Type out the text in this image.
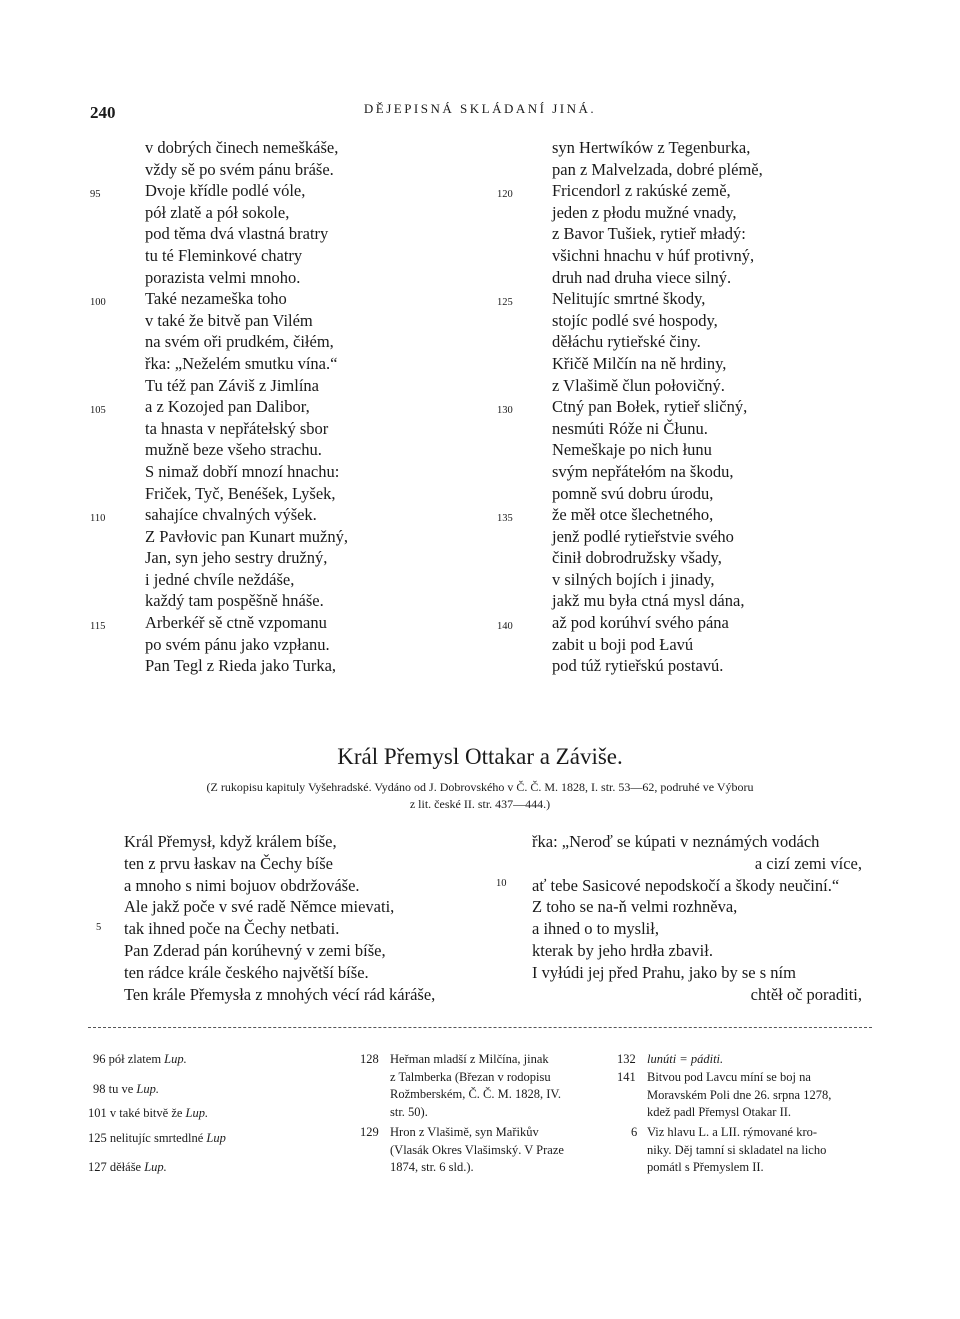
240	DĚJEPISNÁ SKLÁDANÍ JINÁ.
v dobrých činech nemeškáše,
vždy sě po svém pánu bráše.
Dvoje křídle podlé vóle,
pół zlatě a pół sokole,
pod těma dvá vlastná bratry
tu té Fleminkové chatry
porazista velmi mnoho.
Také nezameška toho
v také že bitvě pan Vilém
na svém oři prudkém, čiłém,
řka: „Neželém smutku vína.“
Tu též pan Záviš z Jimlína
a z Kozojed pan Dalibor,
ta hnasta v nepřátełský sbor
mužně beze všeho strachu.
S nimaž dobří mnozí hnachu:
Friček, Tyč, Benéšek, Lyšek,
sahajíce chvalných výšek.
Z Pavłovic pan Kunart mužný,
Jan, syn jeho sestry družný,
i jedné chvíle neždáše,
každý tam pospěšně hnáše.
Arberkéř sě ctně vzpomanu
po svém pánu jako vzpłanu.
Pan Tegl z Rieda jako Turka,
95
100
105
110
115
syn Hertwíków z Tegenburka,
pan z Malvelzada, dobré plémě,
Fricendorl z rakúské země,
jeden z płodu mužné vnady,
z Bavor Tušiek, rytieř mładý:
všichni hnachu v húf protivný,
druh nad druha viece silný.
Nelitujíc smrtné škody,
stojíc podlé své hospody,
děłáchu rytieřské činy.
Křičě Milčín na ně hrdiny,
z Vlašimě člun połovičný.
Ctný pan Bołek, rytieř sličný,
nesmúti Róže ni Čłunu.
Nemeškaje po nich łunu
svým nepřátełóm na škodu,
pomně svú dobru úrodu,
že měł otce šlechetného,
jenž podlé rytieřstvie svého
činił dobrodružsky všady,
v silných bojích i jinady,
jakž mu była ctná mysl dána,
až pod korúhví svého pána
zabit u boji pod Łavú
pod túž rytieřskú postavú.
120
125
130
135
140
Král Přemysl Ottakar a Záviše.
(Z rukopisu kapituly Vyšehradské. Vydáno od J. Dobrovského v Č. Č. M. 1828, I. str. 53—62, podruhé ve Výboru
z lit. české II. str. 437—444.)
Král Přemysł, když králem bíše,
ten z prvu łaskav na Čechy bíše
a mnoho s nimi bojuov obdržováše.
Ale jakž poče v své radě Němce mievati,
tak ihned poče na Čechy netbati.
Pan Zderad pán korúhevný v zemi bíše,
ten rádce krále českého najvětší bíše.
Ten krále Přemysła z mnohých vécí rád káráše,
5
řka: „Neroď se kúpati v neznámých vodách
a cizí zemi více,
ať tebe Sasicové nepodskočí a škody neučiní.“
Z toho se na-ň velmi rozhněva,
a ihned o to myslił,
kterak by jeho hrdła zbavił.
I vyłúdi jej před Prahu, jako by se s ním
chtěł oč poraditi,
10
96 pół zlatem Lup.
98 tu ve Lup.
101 v také bitvě že Lup.
125 nelitujíc smrtedlné Lup
127 děłáše Lup.
128 Heřman mladší z Milčína, jinak
z Talmberka (Březan v rodopisu
Rožmberském, Č. Č. M. 1828, IV.
str. 50).
129 Hron z Vlašimě, syn Mařikův
(Vlasák Okres Vlašimský. V Praze
1874, str. 6 sld.).
132 lunúti = páditi.
141 Bitvou pod Lavcu míní se boj na
Moravském Poli dne 26. srpna 1278,
kdež padl Přemysl Otakar II.
6 Viz hlavu L. a LII. rýmované kro-
niky. Děj tamní si skladatel na licho
pomátl s Přemyslem II.
